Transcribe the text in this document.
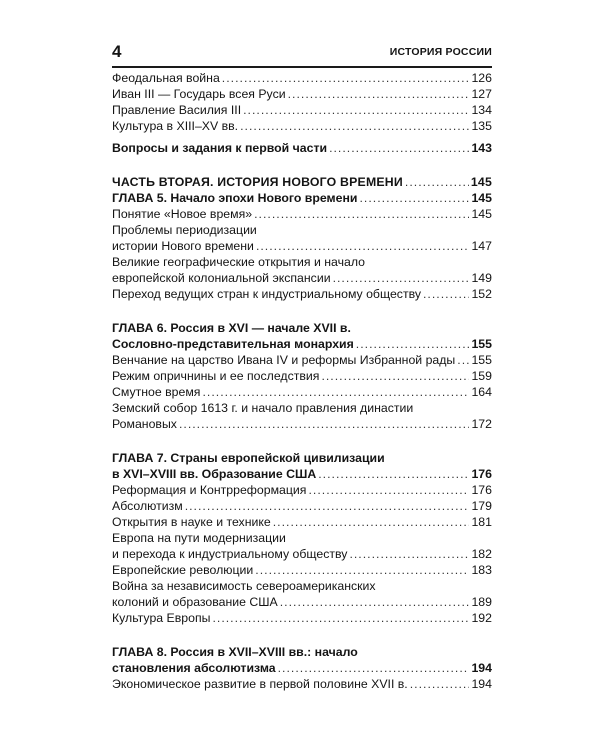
4	ИСТОРИЯ РОССИИ
Феодальная война . . .	126
Иван III — Государь всея Руси . . .	127
Правление Василия III . . .	134
Культура в XIII–XV вв. . . .	135
Вопросы и задания к первой части . . .	143
ЧАСТЬ ВТОРАЯ. ИСТОРИЯ НОВОГО ВРЕМЕНИ . . .	145
ГЛАВА 5. Начало эпохи Нового времени . . .	145
Понятие «Новое время» . . .	145
Проблемы периодизации
истории Нового времени . . .	147
Великие географические открытия и начало
европейской колониальной экспансии . . .	149
Переход ведущих стран к индустриальному обществу . . .	152
ГЛАВА 6. Россия в XVI — начале XVII в.
Сословно-представительная монархия . . .	155
Венчание на царство Ивана IV и реформы Избранной рады . . . 155
Режим опричнины и ее последствия . . .	159
Смутное время . . .	164
Земский собор 1613 г. и начало правления династии
Романовых . . .	172
ГЛАВА 7. Страны европейской цивилизации
в XVI–XVIII вв. Образование США . . .	176
Реформация и Контрреформация . . .	176
Абсолютизм . . .	179
Открытия в науке и технике . . .	181
Европа на пути модернизации
и перехода к индустриальному обществу . . .	182
Европейские революции . . .	183
Война за независимость североамериканских
колоний и образование США . . .	189
Культура Европы . . .	192
ГЛАВА 8. Россия в XVII–XVIII вв.: начало
становления абсолютизма . . .	194
Экономическое развитие в первой половине XVII в. . . .	194
